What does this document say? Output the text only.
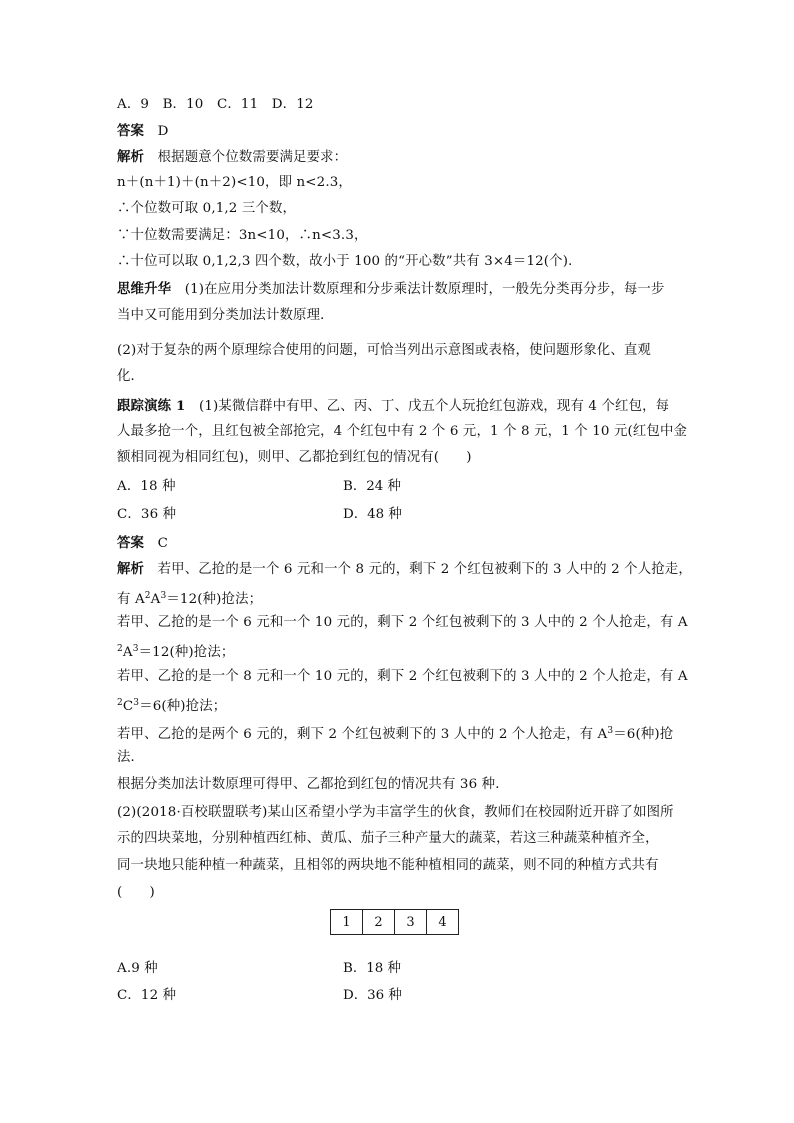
A．9　B．10　C．11　D．12
答案　D
解析　根据题意个位数需要满足要求：
n＋(n＋1)＋(n＋2)<10，即 n<2.3，
∴个位数可取 0,1,2 三个数，
∵十位数需要满足：3n<10，∴n<3.3，
∴十位可以取 0,1,2,3 四个数，故小于 100 的“开心数”共有 3×4＝12(个)．
思维升华　(1)在应用分类加法计数原理和分步乘法计数原理时，一般先分类再分步，每一步
当中又可能用到分类加法计数原理．
(2)对于复杂的两个原理综合使用的问题，可恰当列出示意图或表格，使问题形象化、直观
化．
跟踪演练 1　(1)某微信群中有甲、乙、丙、丁、戊五个人玩抢红包游戏，现有 4 个红包，每
人最多抢一个，且红包被全部抢完，4 个红包中有 2 个 6 元，1 个 8 元，1 个 10 元(红包中金
额相同视为相同红包)，则甲、乙都抢到红包的情况有(　　)
A．18 种	B．24 种
C．36 种	D．48 种
答案　C
解析　若甲、乙抢的是一个 6 元和一个 8 元的，剩下 2 个红包被剩下的 3 人中的 2 个人抢走，
有 $A^2A^3=12$(种)抢法；
若甲、乙抢的是一个 6 元和一个 10 元的，剩下 2 个红包被剩下的 3 人中的 2 个人抢走，有 A
$^2A^3=12$(种)抢法；
若甲、乙抢的是一个 8 元和一个 10 元的，剩下 2 个红包被剩下的 3 人中的 2 个人抢走，有 A
$^2C^3=6$(种)抢法；
若甲、乙抢的是两个 6 元的，剩下 2 个红包被剩下的 3 人中的 2 个人抢走，有 $A^3=6$(种)抢
法．
根据分类加法计数原理可得甲、乙都抢到红包的情况共有 36 种．
(2)(2018·百校联盟联考)某山区希望小学为丰富学生的伙食，教师们在校园附近开辟了如图所
示的四块菜地，分别种植西红柿、黄瓜、茄子三种产量大的蔬菜，若这三种蔬菜种植齐全，
同一块地只能种植一种蔬菜，且相邻的两块地不能种植相同的蔬菜，则不同的种植方式共有
(　　)
1	2	3	4
A.9 种	B．18 种
C．12 种	D．36 种
